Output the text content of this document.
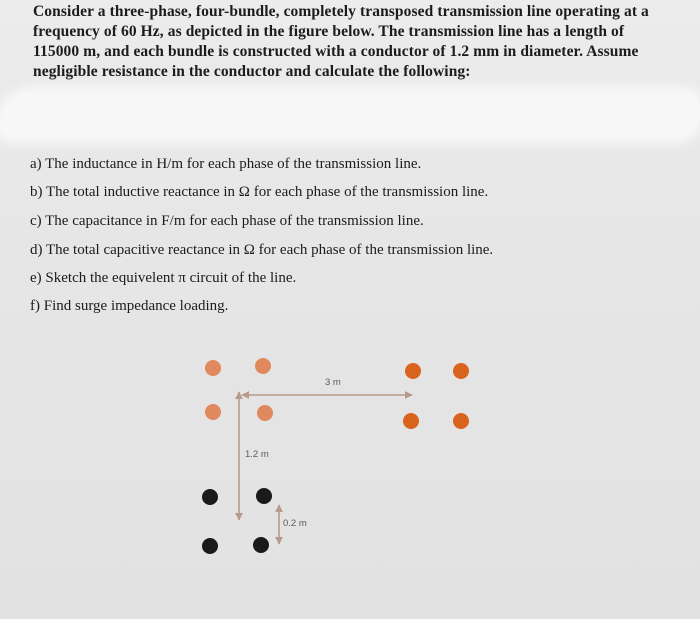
Consider a three-phase, four-bundle, completely transposed transmission line operating at a
frequency of 60 Hz, as depicted in the figure below. The transmission line has a length of
115000 m, and each bundle is constructed with a conductor of 1.2 mm in diameter. Assume
negligible resistance in the conductor and calculate the following:
a) The inductance in H/m for each phase of the transmission line.
b) The total inductive reactance in Ω for each phase of the transmission line.
c) The capacitance in F/m for each phase of the transmission line.
d) The total capacitive reactance in Ω for each phase of the transmission line.
e) Sketch the equivelent π circuit of the line.
f) Find surge impedance loading.
3 m
1.2 m
0.2 m
